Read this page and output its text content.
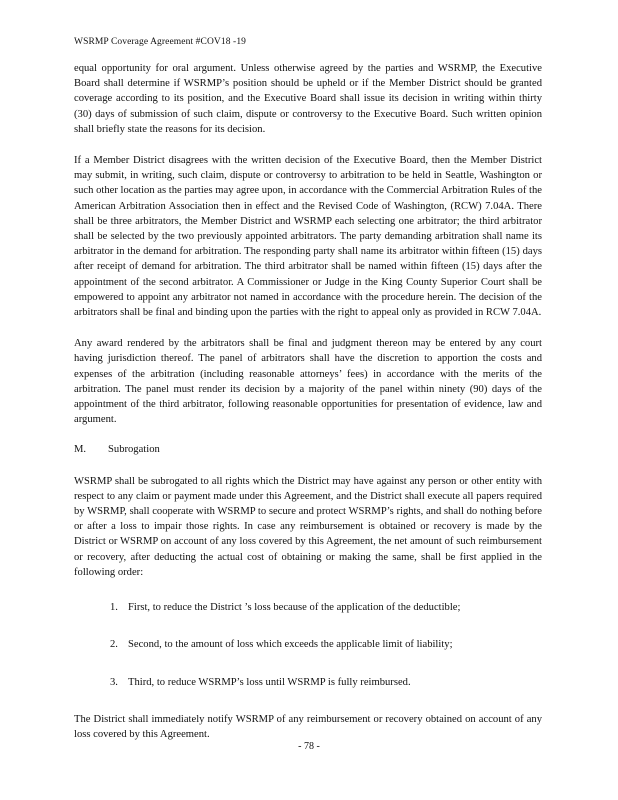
WSRMP Coverage Agreement #COV18 -19

equal opportunity for oral argument. Unless otherwise agreed by the parties and WSRMP, the Executive Board shall determine if WSRMP’s position should be upheld or if the Member District should be granted coverage according to its position, and the Executive Board shall issue its decision in writing within thirty (30) days of submission of such claim, dispute or controversy to the Executive Board. Such written opinion shall briefly state the reasons for its decision.

If a Member District disagrees with the written decision of the Executive Board, then the Member District may submit, in writing, such claim, dispute or controversy to arbitration to be held in Seattle, Washington or such other location as the parties may agree upon, in accordance with the Commercial Arbitration Rules of the American Arbitration Association then in effect and the Revised Code of Washington, (RCW) 7.04A. There shall be three arbitrators, the Member District and WSRMP each selecting one arbitrator; the third arbitrator shall be selected by the two previously appointed arbitrators. The party demanding arbitration shall name its arbitrator in the demand for arbitration. The responding party shall name its arbitrator within fifteen (15) days after receipt of demand for arbitration. The third arbitrator shall be named within fifteen (15) days after the appointment of the second arbitrator. A Commissioner or Judge in the King County Superior Court shall be empowered to appoint any arbitrator not named in accordance with the procedure herein. The decision of the arbitrators shall be final and binding upon the parties with the right to appeal only as provided in RCW 7.04A.

Any award rendered by the arbitrators shall be final and judgment thereon may be entered by any court having jurisdiction thereof. The panel of arbitrators shall have the discretion to apportion the costs and expenses of the arbitration (including reasonable attorneys’ fees) in accordance with the merits of the arbitration. The panel must render its decision by a majority of the panel within ninety (90) days of the appointment of the third arbitrator, following reasonable opportunities for presentation of evidence, law and argument.

M.	Subrogation

WSRMP shall be subrogated to all rights which the District may have against any person or other entity with respect to any claim or payment made under this Agreement, and the District shall execute all papers required by WSRMP, shall cooperate with WSRMP to secure and protect WSRMP’s rights, and shall do nothing before or after a loss to impair those rights. In case any reimbursement is obtained or recovery is made by the District or WSRMP on account of any loss covered by this Agreement, the net amount of such reimbursement or recovery, after deducting the actual cost of obtaining or making the same, shall be first applied in the following order:

1. First, to reduce the District ’s loss because of the application of the deductible;
2. Second, to the amount of loss which exceeds the applicable limit of liability;
3. Third, to reduce WSRMP’s loss until WSRMP is fully reimbursed.

The District shall immediately notify WSRMP of any reimbursement or recovery obtained on account of any loss covered by this Agreement.

- 78 -
